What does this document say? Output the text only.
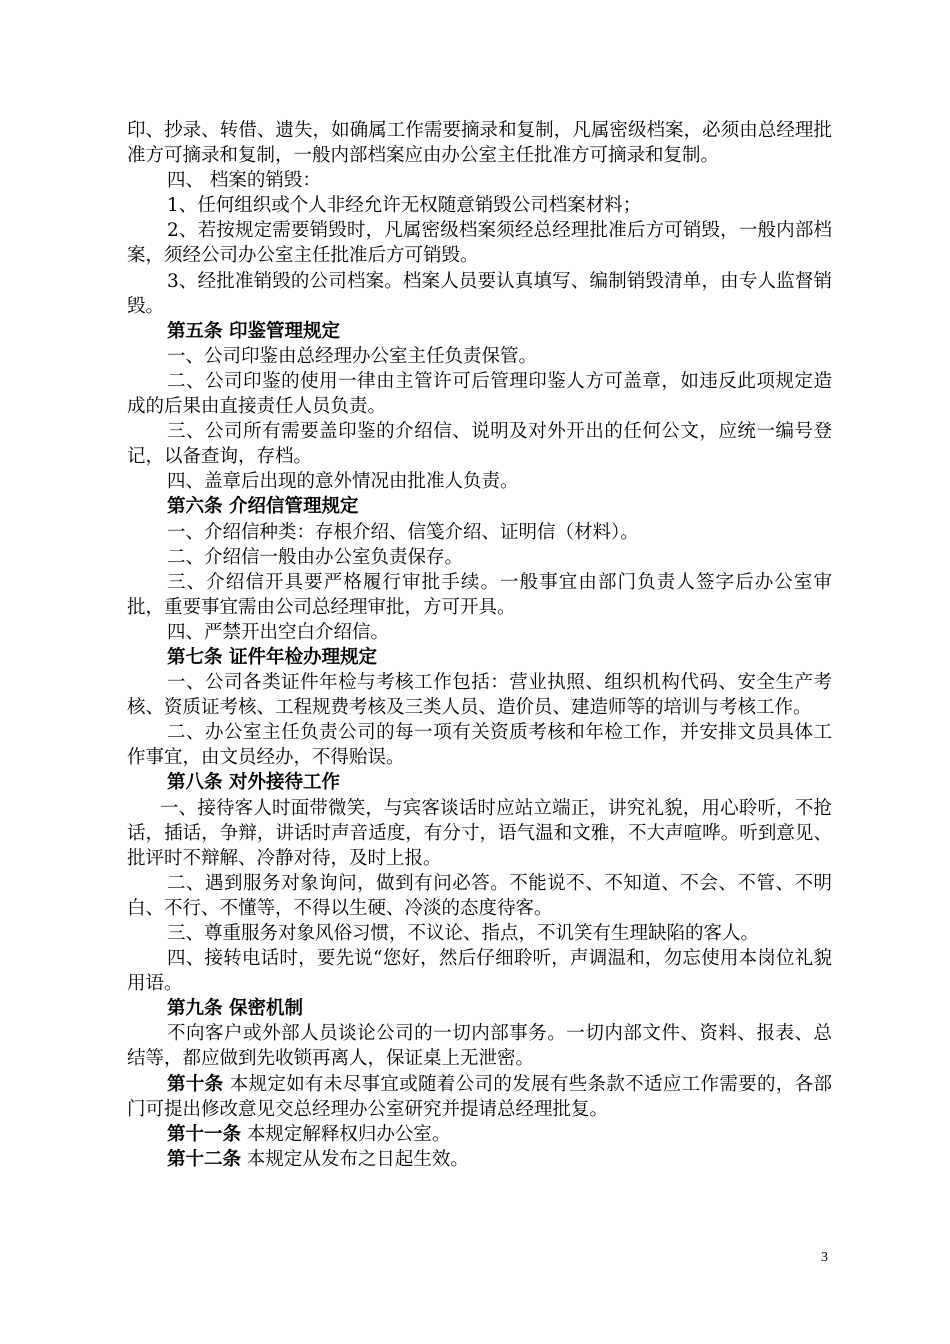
印、抄录、转借、遗失，如确属工作需要摘录和复制，凡属密级档案，必须由总经理批准方可摘录和复制，一般内部档案应由办公室主任批准方可摘录和复制。

四、 档案的销毁：

1、任何组织或个人非经允许无权随意销毁公司档案材料；

2、若按规定需要销毁时，凡属密级档案须经总经理批准后方可销毁，一般内部档案，须经公司办公室主任批准后方可销毁。

3、经批准销毁的公司档案。档案人员要认真填写、编制销毁清单，由专人监督销毁。

第五条 印鉴管理规定

一、公司印鉴由总经理办公室主任负责保管。

二、公司印鉴的使用一律由主管许可后管理印鉴人方可盖章，如违反此项规定造成的后果由直接责任人员负责。

三、公司所有需要盖印鉴的介绍信、说明及对外开出的任何公文，应统一编号登记，以备查询，存档。

四、盖章后出现的意外情况由批准人负责。

第六条 介绍信管理规定

一、介绍信种类：存根介绍、信笺介绍、证明信（材料）。

二、介绍信一般由办公室负责保存。

三、介绍信开具要严格履行审批手续。一般事宜由部门负责人签字后办公室审批，重要事宜需由公司总经理审批，方可开具。

四、严禁开出空白介绍信。

第七条 证件年检办理规定

一、公司各类证件年检与考核工作包括：营业执照、组织机构代码、安全生产考核、资质证考核、工程规费考核及三类人员、造价员、建造师等的培训与考核工作。

二、办公室主任负责公司的每一项有关资质考核和年检工作，并安排文员具体工作事宜，由文员经办，不得贻误。

第八条 对外接待工作

一、接待客人时面带微笑，与宾客谈话时应站立端正，讲究礼貌，用心聆听，不抢话，插话，争辩，讲话时声音适度，有分寸，语气温和文雅，不大声喧哗。听到意见、批评时不辩解、冷静对待，及时上报。

二、遇到服务对象询问，做到有问必答。不能说不、不知道、不会、不管、不明白、不行、不懂等，不得以生硬、冷淡的态度待客。

三、尊重服务对象风俗习惯，不议论、指点，不讥笑有生理缺陷的客人。

四、接转电话时，要先说“您好，然后仔细聆听，声调温和，勿忘使用本岗位礼貌用语。

第九条 保密机制

不向客户或外部人员谈论公司的一切内部事务。一切内部文件、资料、报表、总结等，都应做到先收锁再离人，保证桌上无泄密。

第十条 本规定如有未尽事宜或随着公司的发展有些条款不适应工作需要的，各部门可提出修改意见交总经理办公室研究并提请总经理批复。

第十一条 本规定解释权归办公室。

第十二条 本规定从发布之日起生效。

3
